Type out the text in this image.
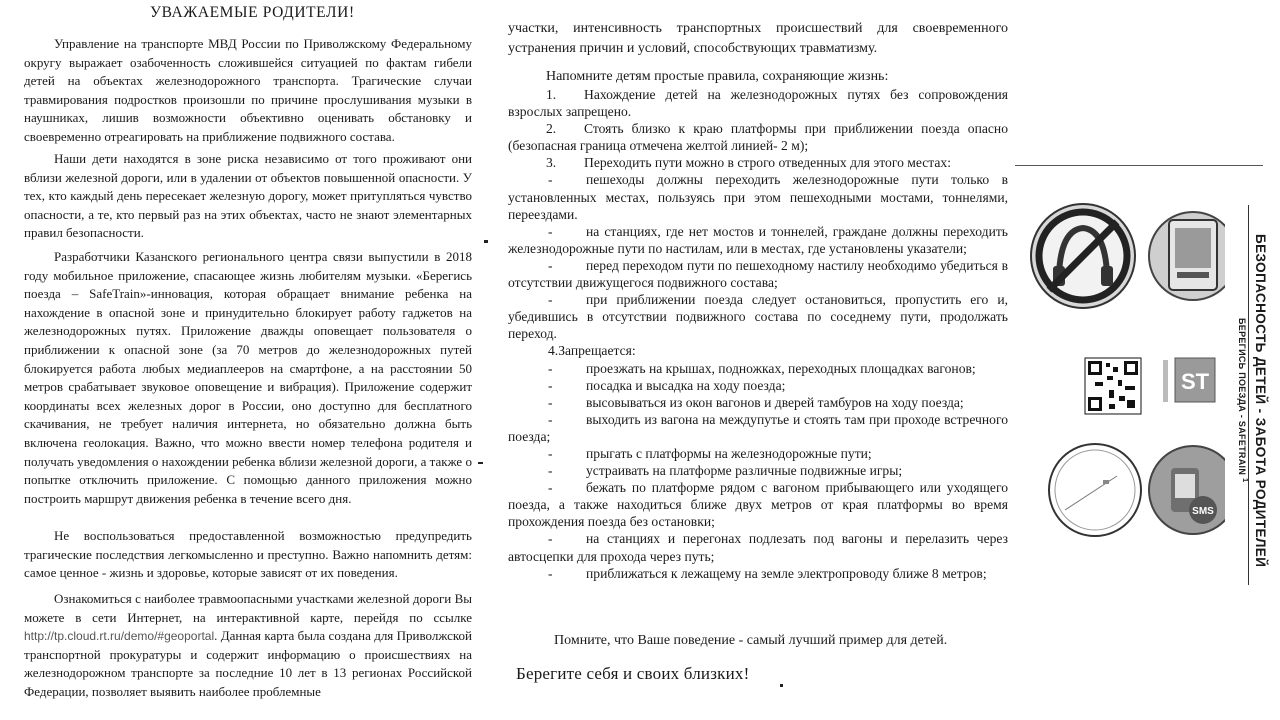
УВАЖАЕМЫЕ РОДИТЕЛИ!

Управление на транспорте МВД России по Приволжскому Федеральному округу выражает озабоченность сложившейся ситуацией по фактам гибели детей на объектах железнодорожного транспорта. Трагические случаи травмирования подростков произошли по причине прослушивания музыки в наушниках, лишив возможности объективно оценивать обстановку и своевременно отреагировать на приближение подвижного состава.

Наши дети находятся в зоне риска независимо от того проживают они вблизи железной дороги, или в удалении от объектов повышенной опасности. У тех, кто каждый день пересекает железную дорогу, может притупляться чувство опасности, а те, кто первый раз на этих объектах, часто не знают элементарных правил безопасности.

Разработчики Казанского регионального центра связи выпустили в 2018 году мобильное приложение, спасающее жизнь любителям музыки. «Берегись поезда – SafeTrain»-инновация, которая обращает внимание ребенка на нахождение в опасной зоне и принудительно блокирует работу гаджетов на железнодорожных путях. Приложение дважды оповещает пользователя о приближении к опасной зоне (за 70 метров до железнодорожных путей блокируется работа любых медиаплееров на смартфоне, а на расстоянии 50 метров срабатывает звуковое оповещение и вибрация). Приложение содержит координаты всех железных дорог в России, оно доступно для бесплатного скачивания, не требует наличия интернета, но обязательно должна быть включена геолокация. Важно, что можно ввести номер телефона родителя и получать уведомления о нахождении ребенка вблизи железной дороги, а также о попытке отключить приложение. С помощью данного приложения можно построить маршрут движения ребенка в течение всего дня.

Не воспользоваться предоставленной возможностью предупредить трагические последствия легкомысленно и преступно. Важно напомнить детям: самое ценное - жизнь и здоровье, которые зависят от их поведения.

Ознакомиться с наиболее травмоопасными участками железной дороги Вы можете в сети Интернет, на интерактивной карте, перейдя по ссылке http://tp.cloud.rt.ru/demo/#geoportal. Данная карта была создана для Приволжской транспортной прокуратуры и содержит информацию о происшествиях на железнодорожном транспорте за последние 10 лет в 13 регионах Российской Федерации, позволяет выявить наиболее проблемные

участки, интенсивность транспортных происшествий для своевременного устранения причин и условий, способствующих травматизму.

Напомните детям простые правила, сохраняющие жизнь:

1. Нахождение детей на железнодорожных путях без сопровождения взрослых запрещено.
2. Стоять близко к краю платформы при приближении поезда опасно (безопасная граница отмечена желтой линией- 2 м);
3. Переходить пути можно в строго отведенных для этого местах:
- пешеходы должны переходить железнодорожные пути только в установленных местах, пользуясь при этом пешеходными мостами, тоннелями, переездами.
- на станциях, где нет мостов и тоннелей, граждане должны переходить железнодорожные пути по настилам, или в местах, где установлены указатели;
- перед переходом пути по пешеходному настилу необходимо убедиться в отсутствии движущегося подвижного состава;
- при приближении поезда следует остановиться, пропустить его и, убедившись в отсутствии подвижного состава по соседнему пути, продолжать переход.
4.Запрещается:
- проезжать на крышах, подножках, переходных площадках вагонов;
- посадка и высадка на ходу поезда;
- высовываться из окон вагонов и дверей тамбуров на ходу поезда;
- выходить из вагона на междупутье и стоять там при проходе встречного поезда;
- прыгать с платформы на железнодорожные пути;
- устраивать на платформе различные подвижные игры;
- бежать по платформе рядом с вагоном прибывающего или уходящего поезда, а также находиться ближе двух метров от края платформы во время прохождения поезда без остановки;
- на станциях и перегонах подлезать под вагоны и перелазить через автосцепки для прохода через путь;
- приближаться к лежащему на земле электропроводу ближе 8 метров;

Помните, что Ваше поведение - самый лучший пример для детей.

Берегите себя и своих близких!

ST
SMS	БЕЗОПАСНОСТЬ ДЕТЕЙ - ЗАБОТА РОДИТЕЛЕЙ
БЕРЕГИСЬ ПОЕЗДА - SAFETRAIN $^1$
